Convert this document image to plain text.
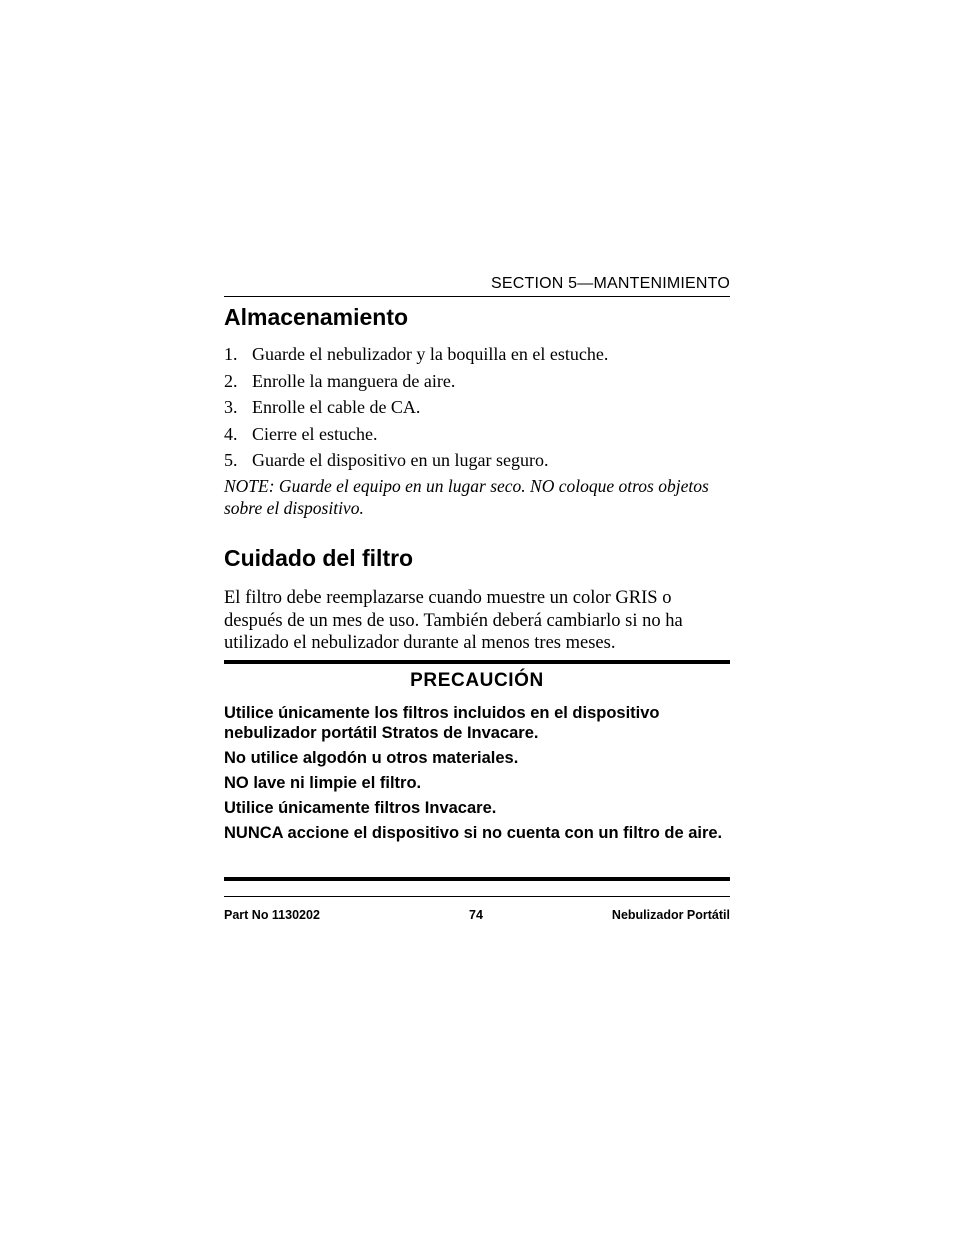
SECTION 5—MANTENIMIENTO
Almacenamiento
1. Guarde el nebulizador y la boquilla en el estuche.
2. Enrolle la manguera de aire.
3. Enrolle el cable de CA.
4. Cierre el estuche.
5. Guarde el dispositivo en un lugar seguro.
NOTE: Guarde el equipo en un lugar seco. NO coloque otros objetos sobre el dispositivo.
Cuidado del filtro
El filtro debe reemplazarse cuando muestre un color GRIS o después de un mes de uso. También deberá cambiarlo si no ha utilizado el nebulizador durante al menos tres meses.
PRECAUCIÓN

Utilice únicamente los filtros incluidos en el dispositivo nebulizador portátil Stratos de Invacare.

No utilice algodón u otros materiales.

NO lave ni limpie el filtro.

Utilice únicamente filtros Invacare.

NUNCA accione el dispositivo si no cuenta con un filtro de aire.

Part No 1130202	74	Nebulizador Portátil
